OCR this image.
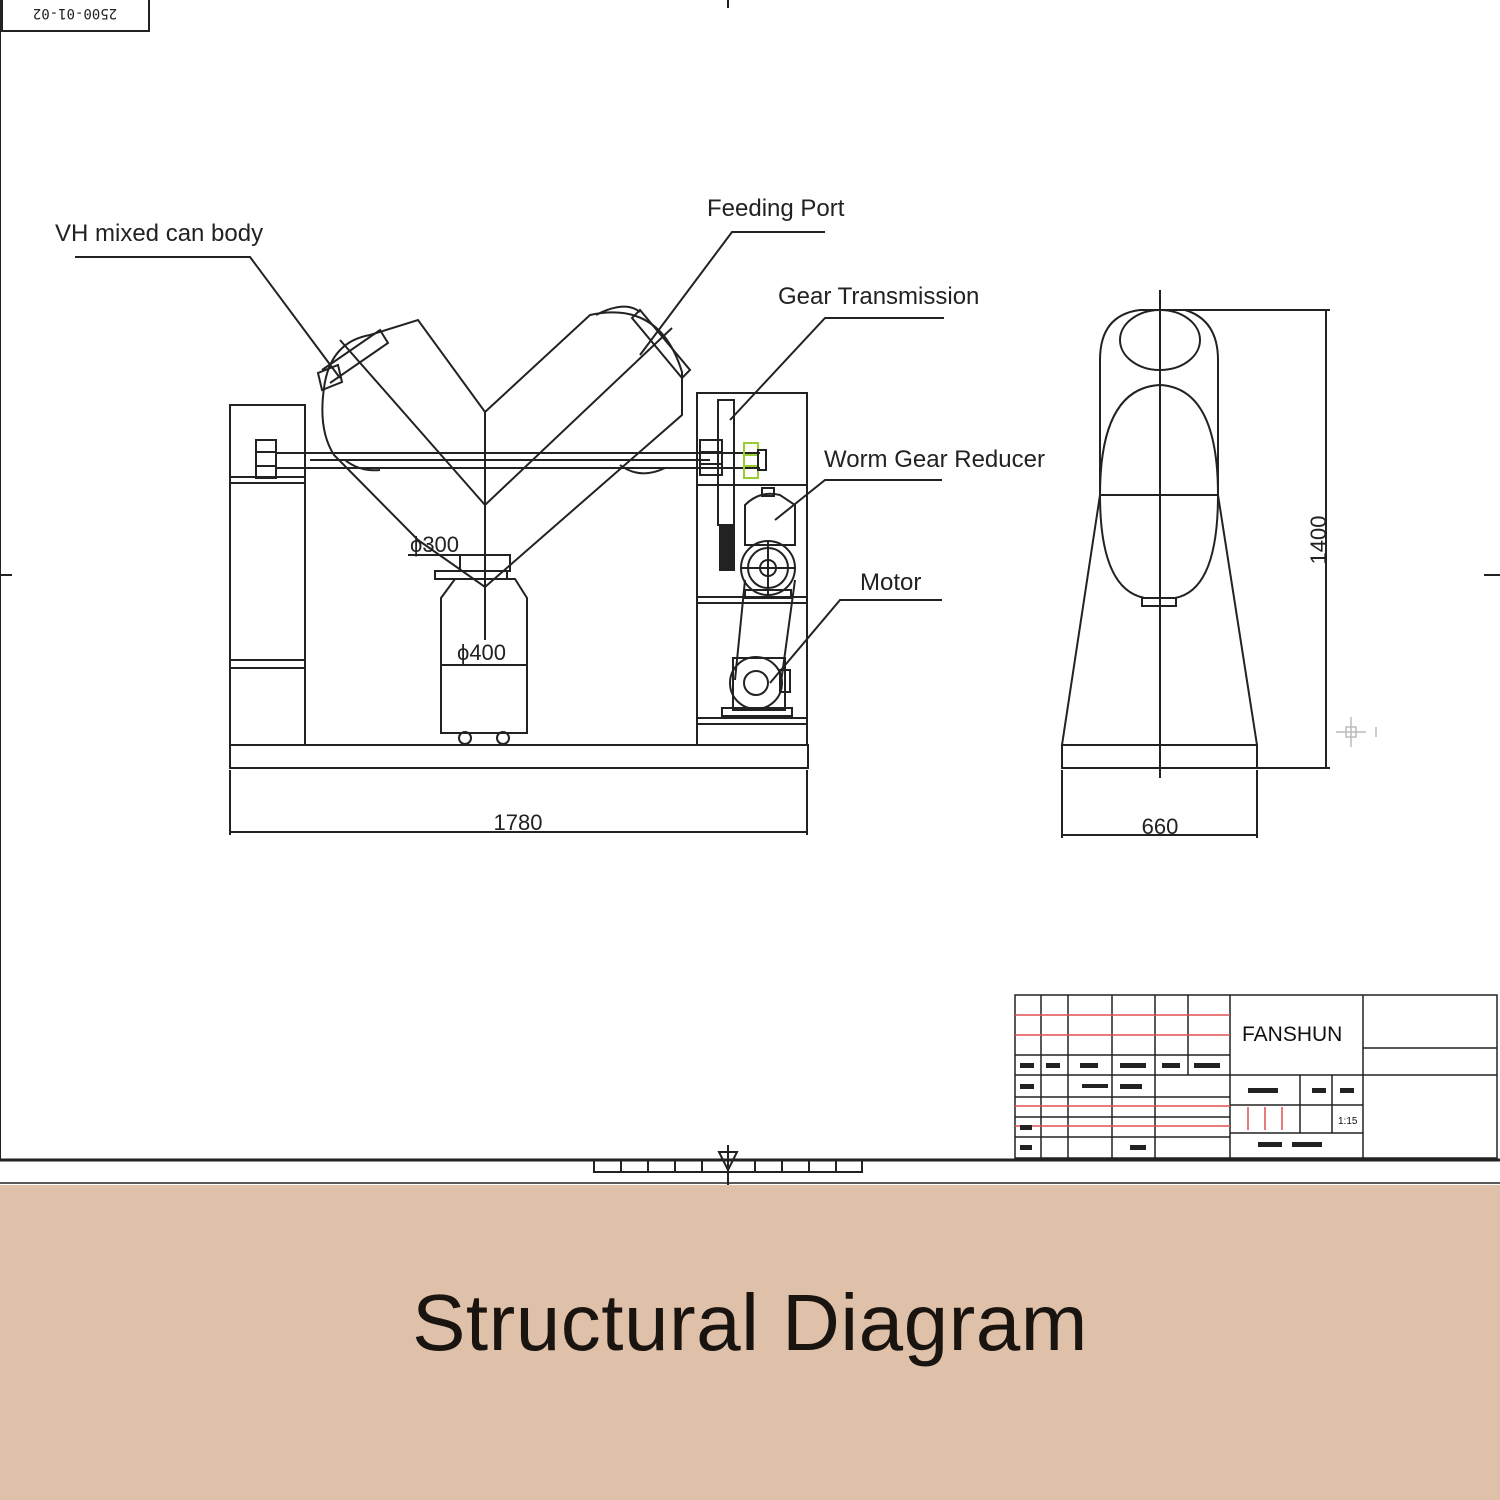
2500-01-02
VH mixed can body
Feeding Port
Gear Transmission
Worm Gear Reducer
Motor
ϕ300
ϕ400
1780	660
1400
FANSHUN
1:15
Structural Diagram
